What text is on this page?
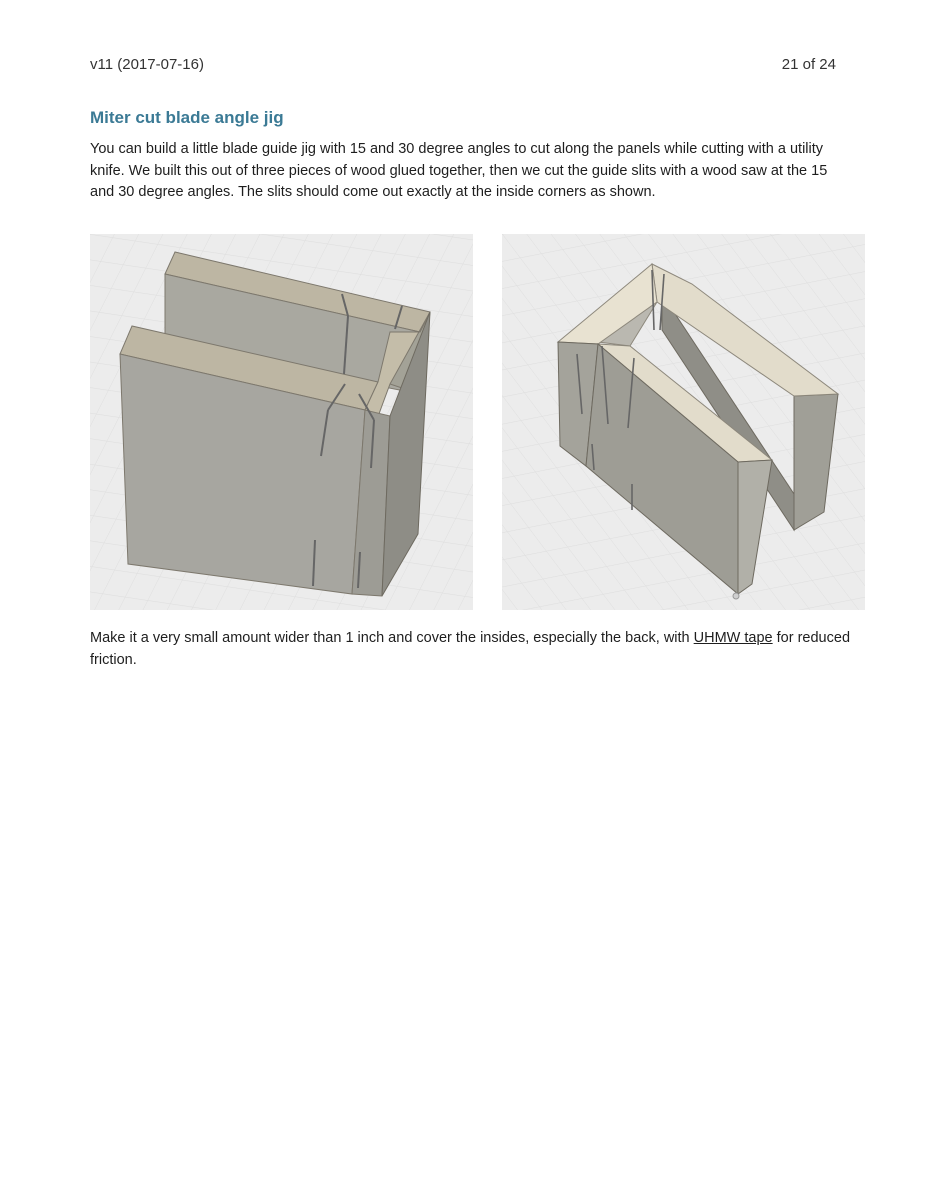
v11 (2017-07-16)	21 of 24
Miter cut blade angle jig
You can build a little blade guide jig with 15 and 30 degree angles to cut along the panels while cutting with a utility knife. We built this out of three pieces of wood glued together, then we cut the guide slits with a wood saw at the 15 and 30 degree angles. The slits should come out exactly at the inside corners as shown.
Make it a very small amount wider than 1 inch and cover the insides, especially the back, with UHMW tape for reduced friction.
